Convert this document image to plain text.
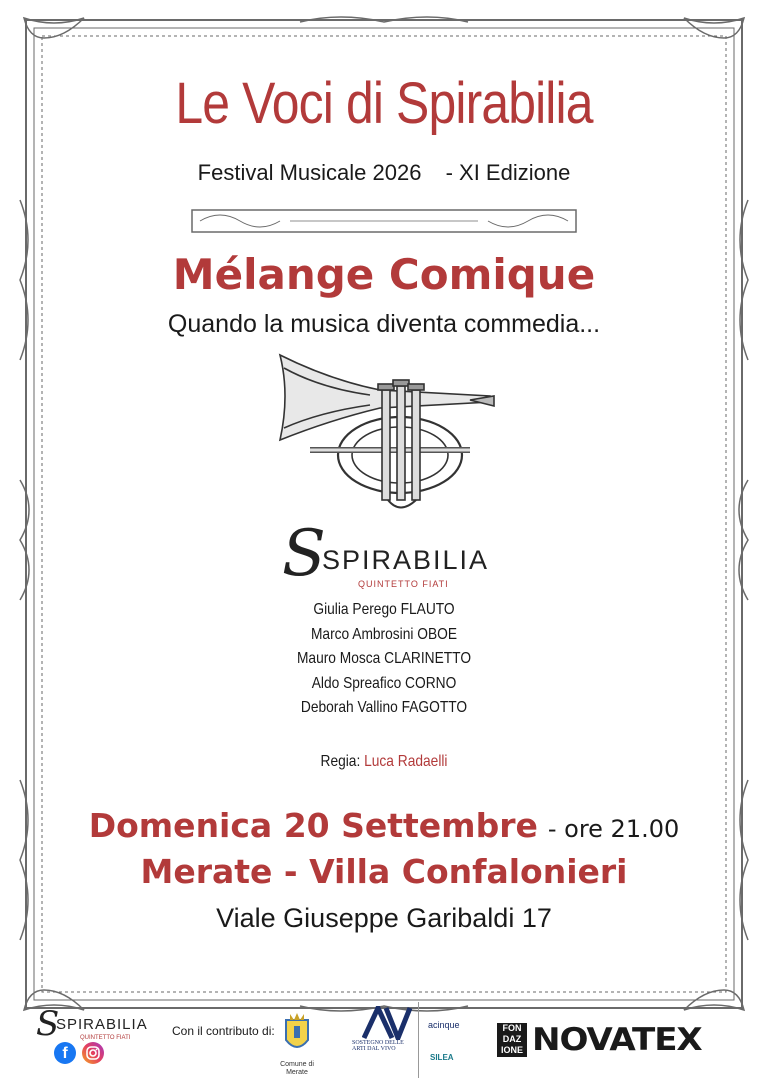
Le Voci di Spirabilia
Festival Musicale 2026 - XI Edizione
Mélange Comique
Quando la musica diventa commedia...
S
SPIRABILIA
QUINTETTO FIATI
Giulia Perego FLAUTO
Marco Ambrosini OBOE
Mauro Mosca CLARINETTO
Aldo Spreafico CORNO
Deborah Vallino FAGOTTO
Regia: Luca Radaelli
Domenica 20 Settembre - ore 21.00
Merate - Villa Confalonieri
Viale Giuseppe Garibaldi 17
S
SPIRABILIA
QUINTETTO FIATI
f
Con il contributo di:
Comune di Merate
SOSTEGNO DELLE ARTI DAL VIVO
acinque
SILEA
FON DAZ IONE NOVATEX
